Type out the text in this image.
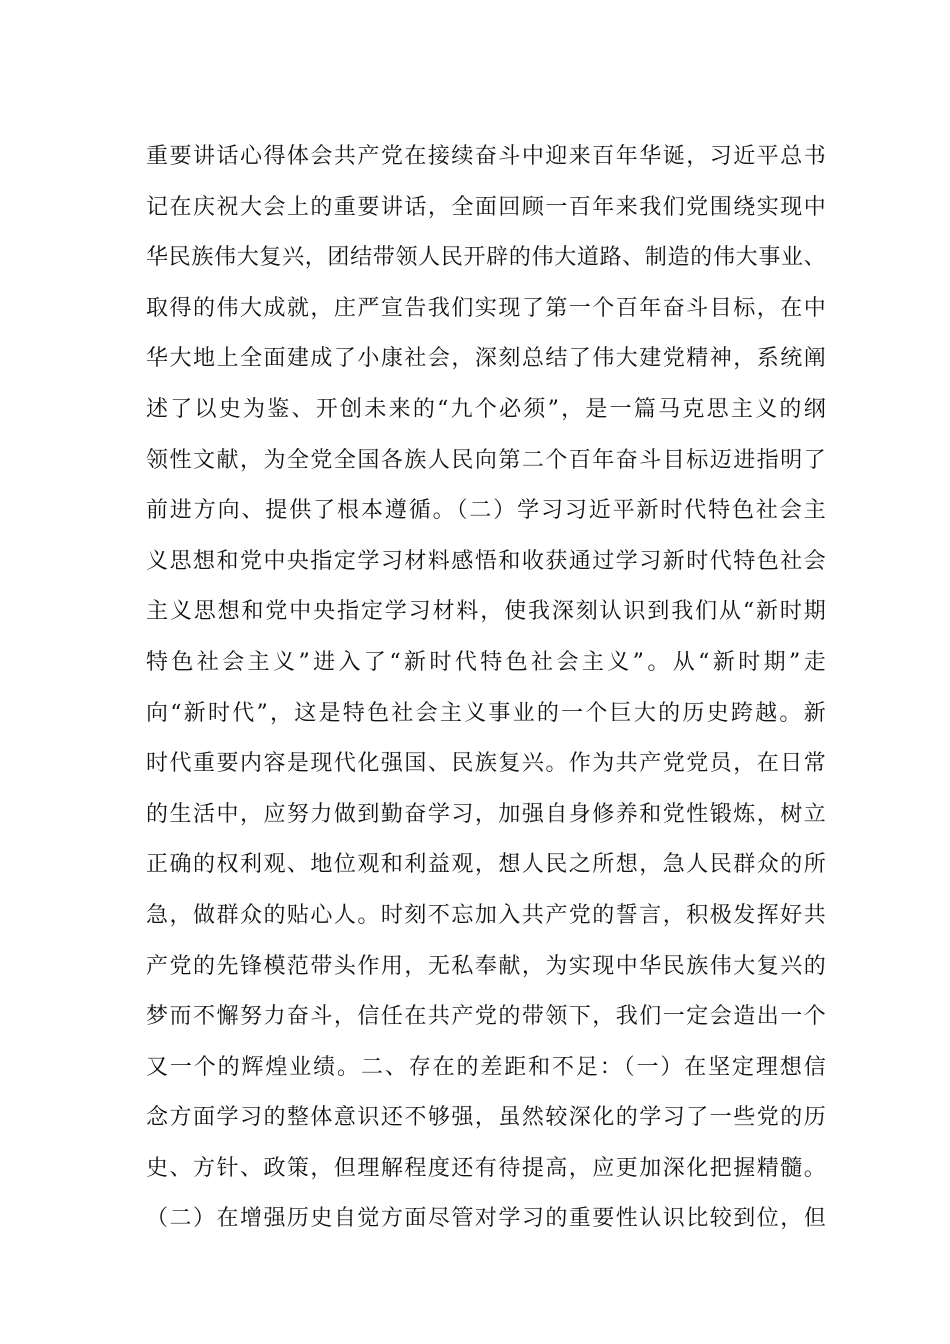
重要讲话心得体会共产党在接续奋斗中迎来百年华诞，习近平总书
记在庆祝大会上的重要讲话，全面回顾一百年来我们党围绕实现中
华民族伟大复兴，团结带领人民开辟的伟大道路、制造的伟大事业、
取得的伟大成就，庄严宣告我们实现了第一个百年奋斗目标，在中
华大地上全面建成了小康社会，深刻总结了伟大建党精神，系统阐
述了以史为鉴、开创未来的“九个必须”，是一篇马克思主义的纲
领性文献，为全党全国各族人民向第二个百年奋斗目标迈进指明了
前进方向、提供了根本遵循。（二）学习习近平新时代特色社会主
义思想和党中央指定学习材料感悟和收获通过学习新时代特色社会
主义思想和党中央指定学习材料，使我深刻认识到我们从“新时期
特色社会主义”进入了“新时代特色社会主义”。从“新时期”走
向“新时代”，这是特色社会主义事业的一个巨大的历史跨越。新
时代重要内容是现代化强国、民族复兴。作为共产党党员，在日常
的生活中，应努力做到勤奋学习，加强自身修养和党性锻炼，树立
正确的权利观、地位观和利益观，想人民之所想，急人民群众的所
急，做群众的贴心人。时刻不忘加入共产党的誓言，积极发挥好共
产党的先锋模范带头作用，无私奉献，为实现中华民族伟大复兴的
梦而不懈努力奋斗，信任在共产党的带领下，我们一定会造出一个
又一个的辉煌业绩。二、存在的差距和不足：（一）在坚定理想信
念方面学习的整体意识还不够强，虽然较深化的学习了一些党的历
史、方针、政策，但理解程度还有待提高，应更加深化把握精髓。
（二）在增强历史自觉方面尽管对学习的重要性认识比较到位，但
